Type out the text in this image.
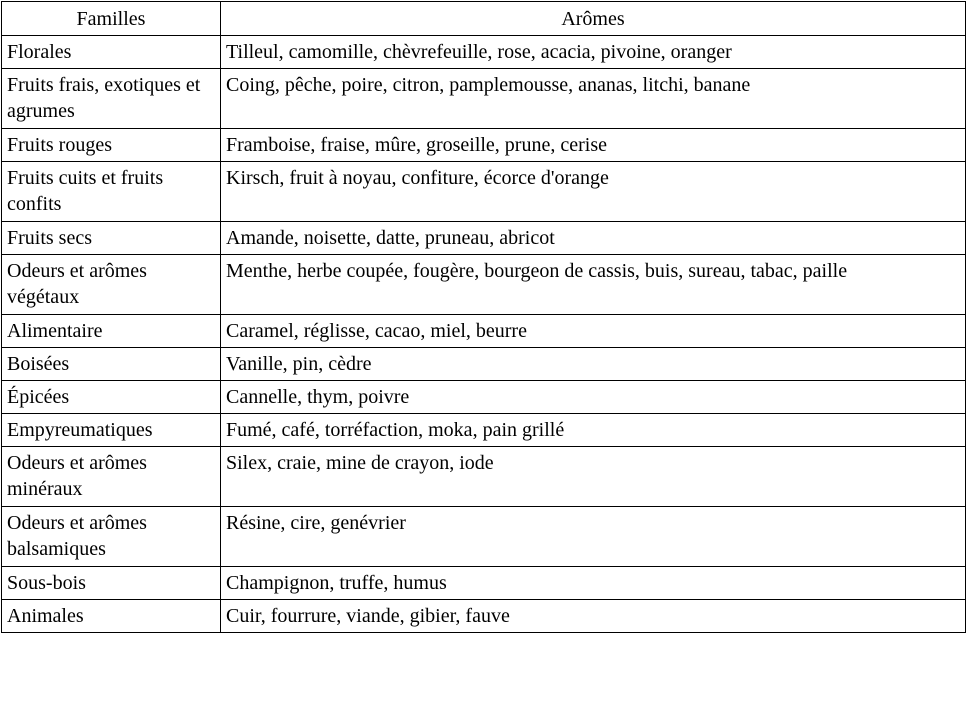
Familles	Arômes
Florales	Tilleul, camomille, chèvrefeuille, rose, acacia, pivoine, oranger
Fruits frais, exotiques et agrumes	Coing, pêche, poire, citron, pamplemousse, ananas, litchi, banane
Fruits rouges	Framboise, fraise, mûre, groseille, prune, cerise
Fruits cuits et fruits confits	Kirsch, fruit à noyau, confiture, écorce d'orange
Fruits secs	Amande, noisette, datte, pruneau, abricot
Odeurs et arômes végétaux	Menthe, herbe coupée, fougère, bourgeon de cassis, buis, sureau, tabac, paille
Alimentaire	Caramel, réglisse, cacao, miel, beurre
Boisées	Vanille, pin, cèdre
Épicées	Cannelle, thym, poivre
Empyreumatiques	Fumé, café, torréfaction, moka, pain grillé
Odeurs et arômes minéraux	Silex, craie, mine de crayon, iode
Odeurs et arômes balsamiques	Résine, cire, genévrier
Sous-bois	Champignon, truffe, humus
Animales	Cuir, fourrure, viande, gibier, fauve
